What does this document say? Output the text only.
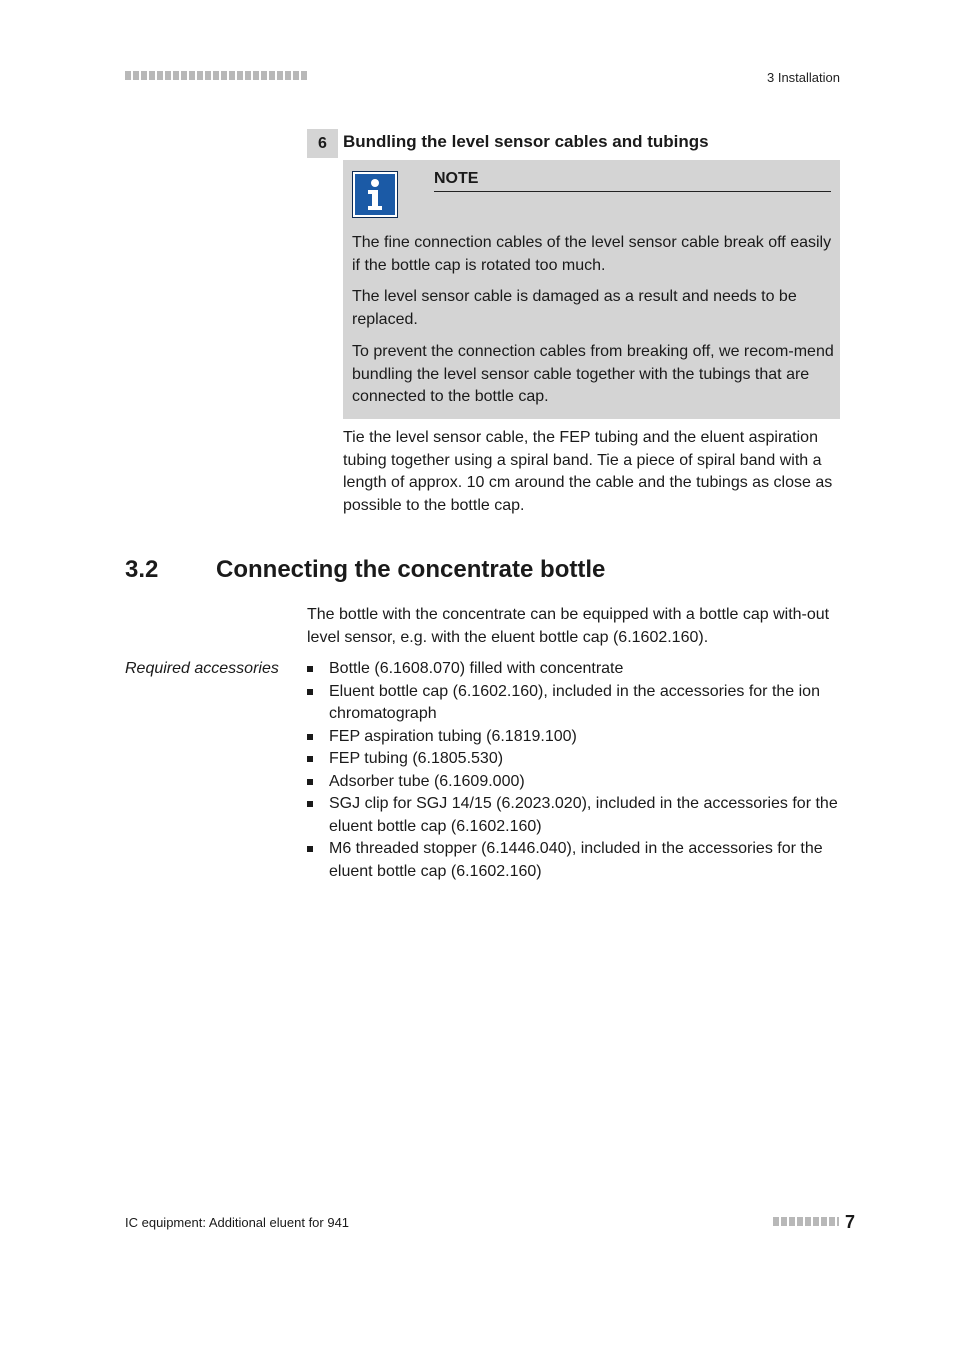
3 Installation
6 Bundling the level sensor cables and tubings
NOTE
The fine connection cables of the level sensor cable break off easily if the bottle cap is rotated too much.
The level sensor cable is damaged as a result and needs to be replaced.
To prevent the connection cables from breaking off, we recom-mend bundling the level sensor cable together with the tubings that are connected to the bottle cap.
Tie the level sensor cable, the FEP tubing and the eluent aspiration tubing together using a spiral band. Tie a piece of spiral band with a length of approx. 10 cm around the cable and the tubings as close as possible to the bottle cap.
3.2 Connecting the concentrate bottle
The bottle with the concentrate can be equipped with a bottle cap with-out level sensor, e.g. with the eluent bottle cap (6.1602.160).
Required accessories	Bottle (6.1608.070) filled with concentrate
Eluent bottle cap (6.1602.160), included in the accessories for the ion chromatograph
FEP aspiration tubing (6.1819.100)
FEP tubing (6.1805.530)
Adsorber tube (6.1609.000)
SGJ clip for SGJ 14/15 (6.2023.020), included in the accessories for the eluent bottle cap (6.1602.160)
M6 threaded stopper (6.1446.040), included in the accessories for the eluent bottle cap (6.1602.160)
IC equipment: Additional eluent for 941	7
